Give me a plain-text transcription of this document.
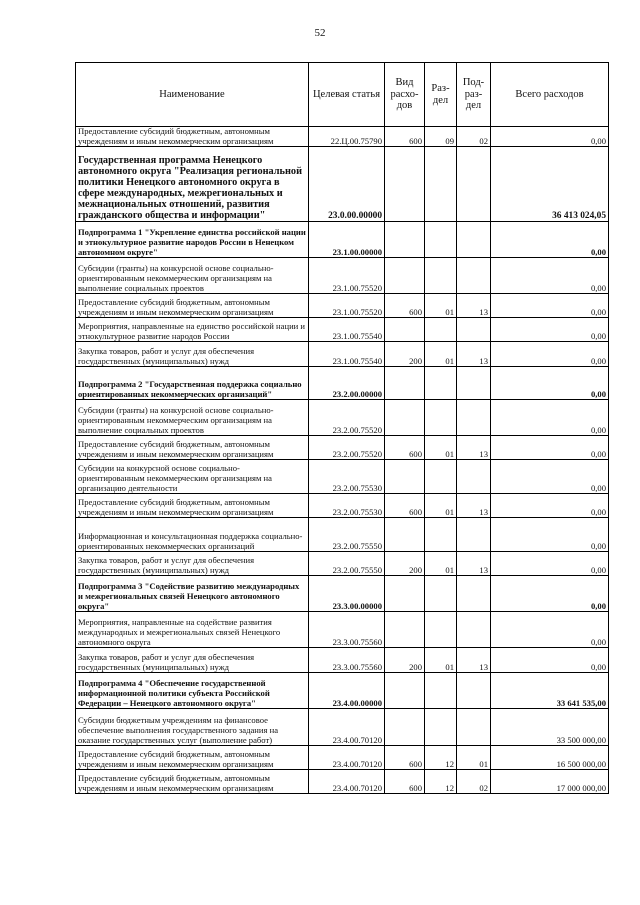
52
Наименование	Целевая статья	Вид расхо-дов	Раз-дел	Под-раз-дел	Всего расходов
Предоставление субсидий бюджетным, автономным учреждениям и иным некоммерческим организациям	22.Ц.00.75790	600	09	02	0,00
Государственная программа Ненецкого автономного округа "Реализация региональной политики Ненецкого автономного округа в сфере международных, межрегиональных и межнациональных отношений, развития гражданского общества и информации"	23.0.00.00000				36 413 024,05
Подпрограмма 1 "Укрепление единства российской нации и этнокультурное развитие народов России в Ненецком автономном округе"	23.1.00.00000				0,00
Субсидии (гранты) на конкурсной основе социально-ориентированным некоммерческим организациям на выполнение социальных проектов	23.1.00.75520				0,00
Предоставление субсидий бюджетным, автономным учреждениям и иным некоммерческим организациям	23.1.00.75520	600	01	13	0,00
Мероприятия, направленные на единство российской нации и этнокультурное развитие народов России	23.1.00.75540				0,00
Закупка товаров, работ и услуг для обеспечения государственных (муниципальных) нужд	23.1.00.75540	200	01	13	0,00
Подпрограмма 2 "Государственная поддержка социально ориентированных некоммерческих организаций"	23.2.00.00000				0,00
Субсидии (гранты) на конкурсной основе социально-ориентированным некоммерческим организациям на выполнение социальных проектов	23.2.00.75520				0,00
Предоставление субсидий бюджетным, автономным учреждениям и иным некоммерческим организациям	23.2.00.75520	600	01	13	0,00
Субсидии на конкурсной основе социально-ориентированным некоммерческим организациям на организацию деятельности	23.2.00.75530				0,00
Предоставление субсидий бюджетным, автономным учреждениям и иным некоммерческим организациям	23.2.00.75530	600	01	13	0,00
Информационная и консультационная поддержка социально-ориентированных некоммерческих организаций	23.2.00.75550				0,00
Закупка товаров, работ и услуг для обеспечения государственных (муниципальных) нужд	23.2.00.75550	200	01	13	0,00
Подпрограмма 3 "Содействие развитию международных и межрегиональных связей Ненецкого автономного округа"	23.3.00.00000				0,00
Мероприятия, направленные на содействие развития международных и межрегиональных связей Ненецкого автономного округа	23.3.00.75560				0,00
Закупка товаров, работ и услуг для обеспечения государственных (муниципальных) нужд	23.3.00.75560	200	01	13	0,00
Подпрограмма 4 "Обеспечение государственной информационной политики субъекта Российской Федерации – Ненецкого автономного округа"	23.4.00.00000				33 641 535,00
Субсидии бюджетным учреждениям на финансовое обеспечение выполнения государственного задания на оказание государственных услуг (выполнение работ)	23.4.00.70120				33 500 000,00
Предоставление субсидий бюджетным, автономным учреждениям и иным некоммерческим организациям	23.4.00.70120	600	12	01	16 500 000,00
Предоставление субсидий бюджетным, автономным учреждениям и иным некоммерческим организациям	23.4.00.70120	600	12	02	17 000 000,00
